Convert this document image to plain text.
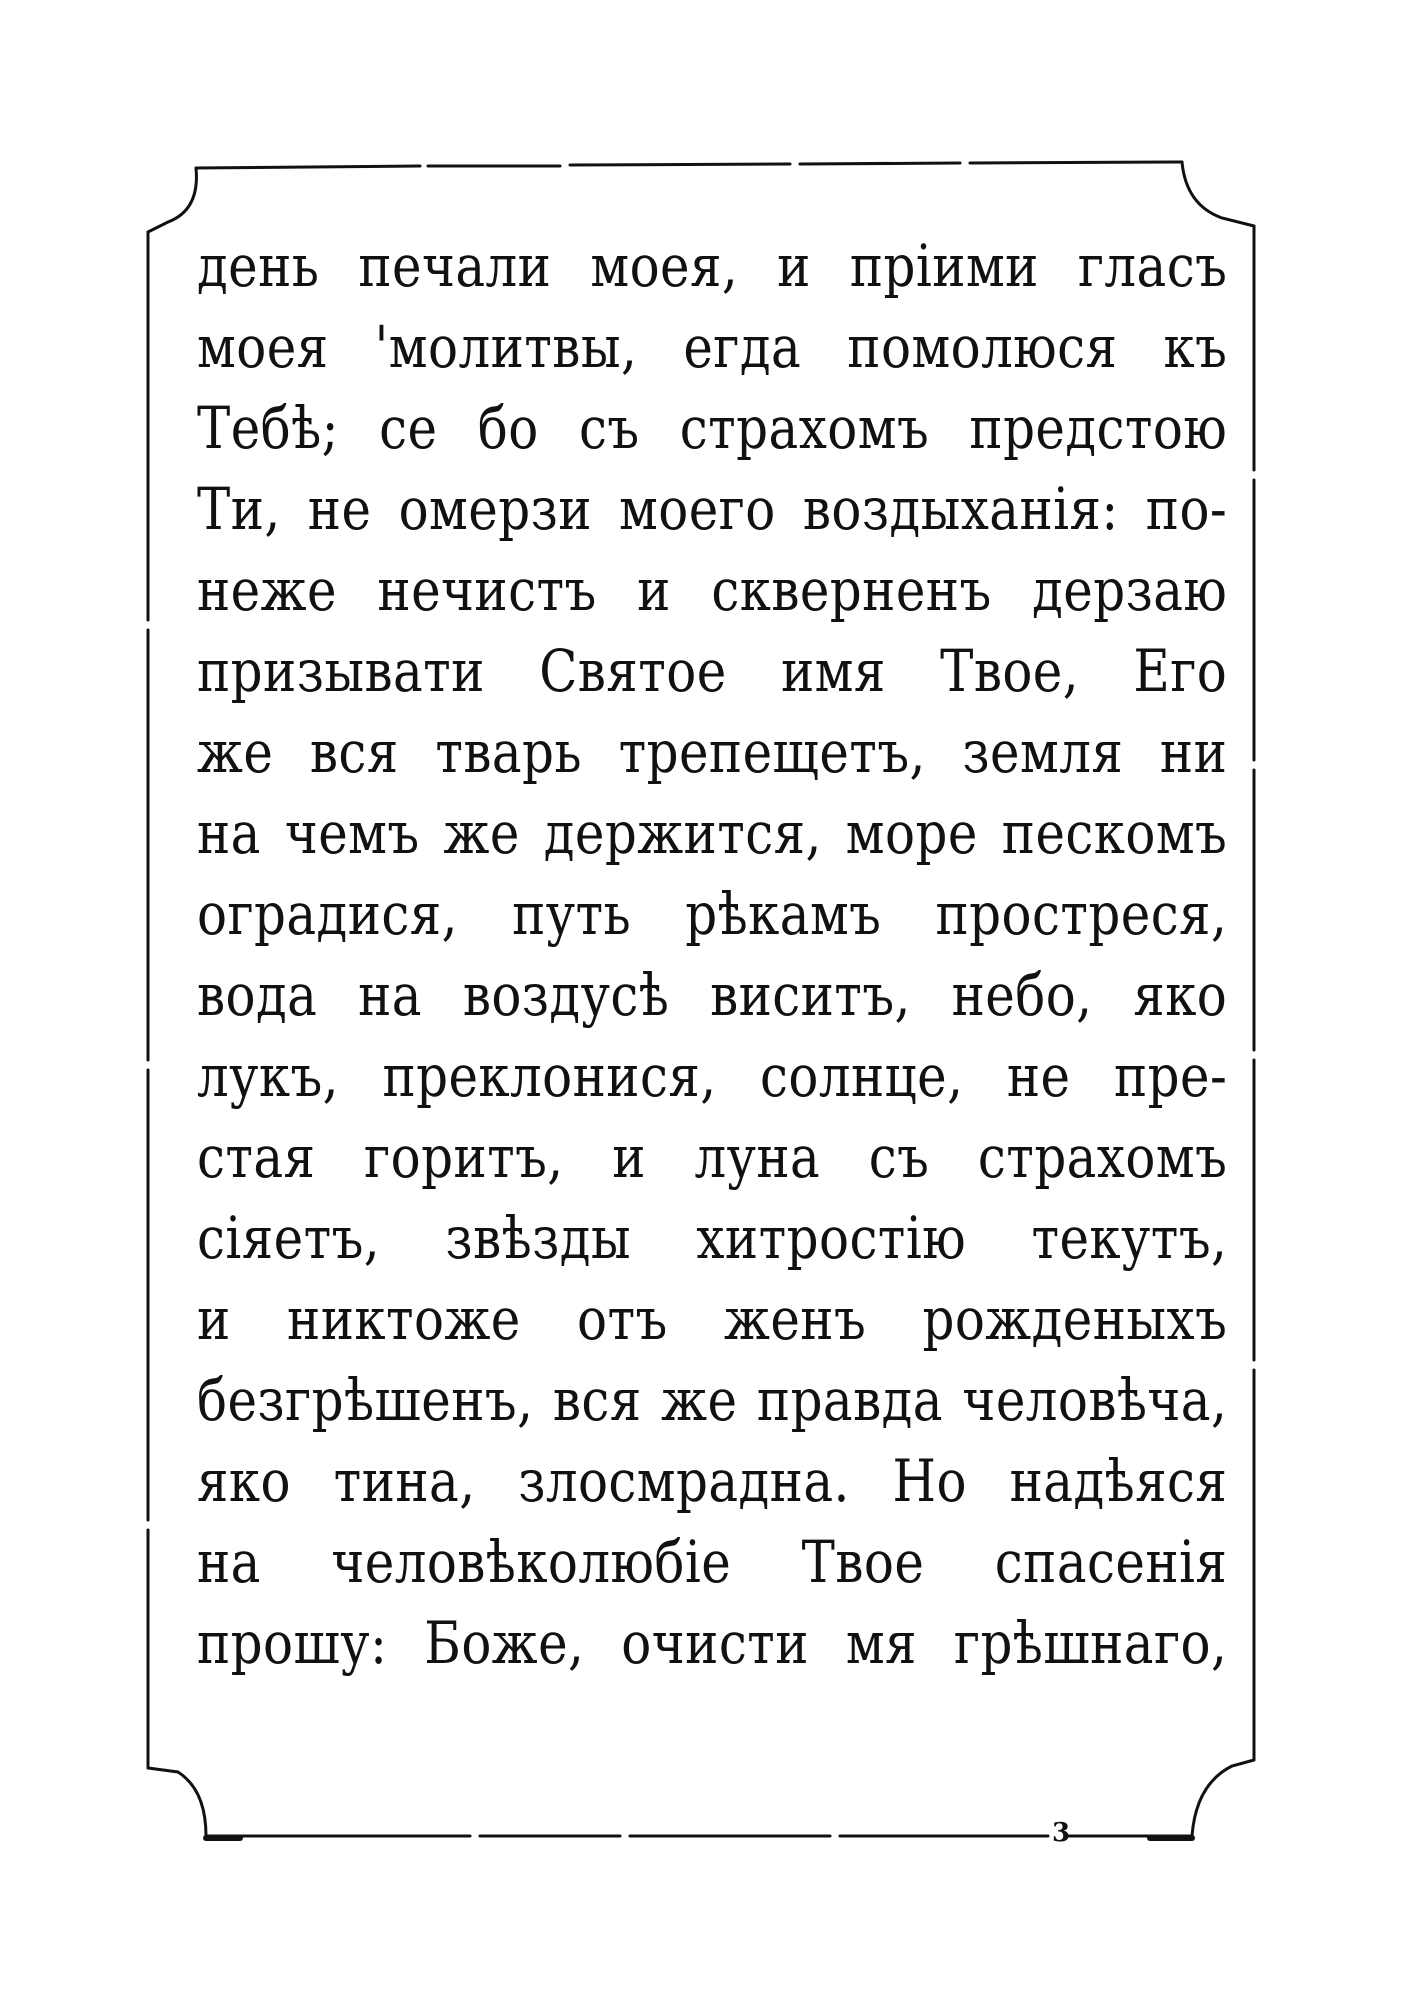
день печали моея, и пріими гласъ
моея 'молитвы, егда помолюся къ
Тебѣ; се бо съ страхомъ предстою
Ти, не омерзи моего воздыханія: по-
неже нечистъ и скверненъ дерзаю
призывати Святое имя Твое, Его
же вся тварь трепещетъ, земля ни
на чемъ же держится, море пескомъ
оградися, путь рѣкамъ простреся,
вода на воздусѣ виситъ, небо, яко
лукъ, преклонися, солнце, не пре-
стая горитъ, и луна съ страхомъ
сіяетъ, звѣзды хитростію текутъ,
и никтоже отъ женъ рожденыхъ
безгрѣшенъ, вся же правда человѣча,
яко тина, злосмрадна. Но надѣяся
на человѣколюбіе Твое спасенія
прошу: Боже, очисти мя грѣшнаго,
3
